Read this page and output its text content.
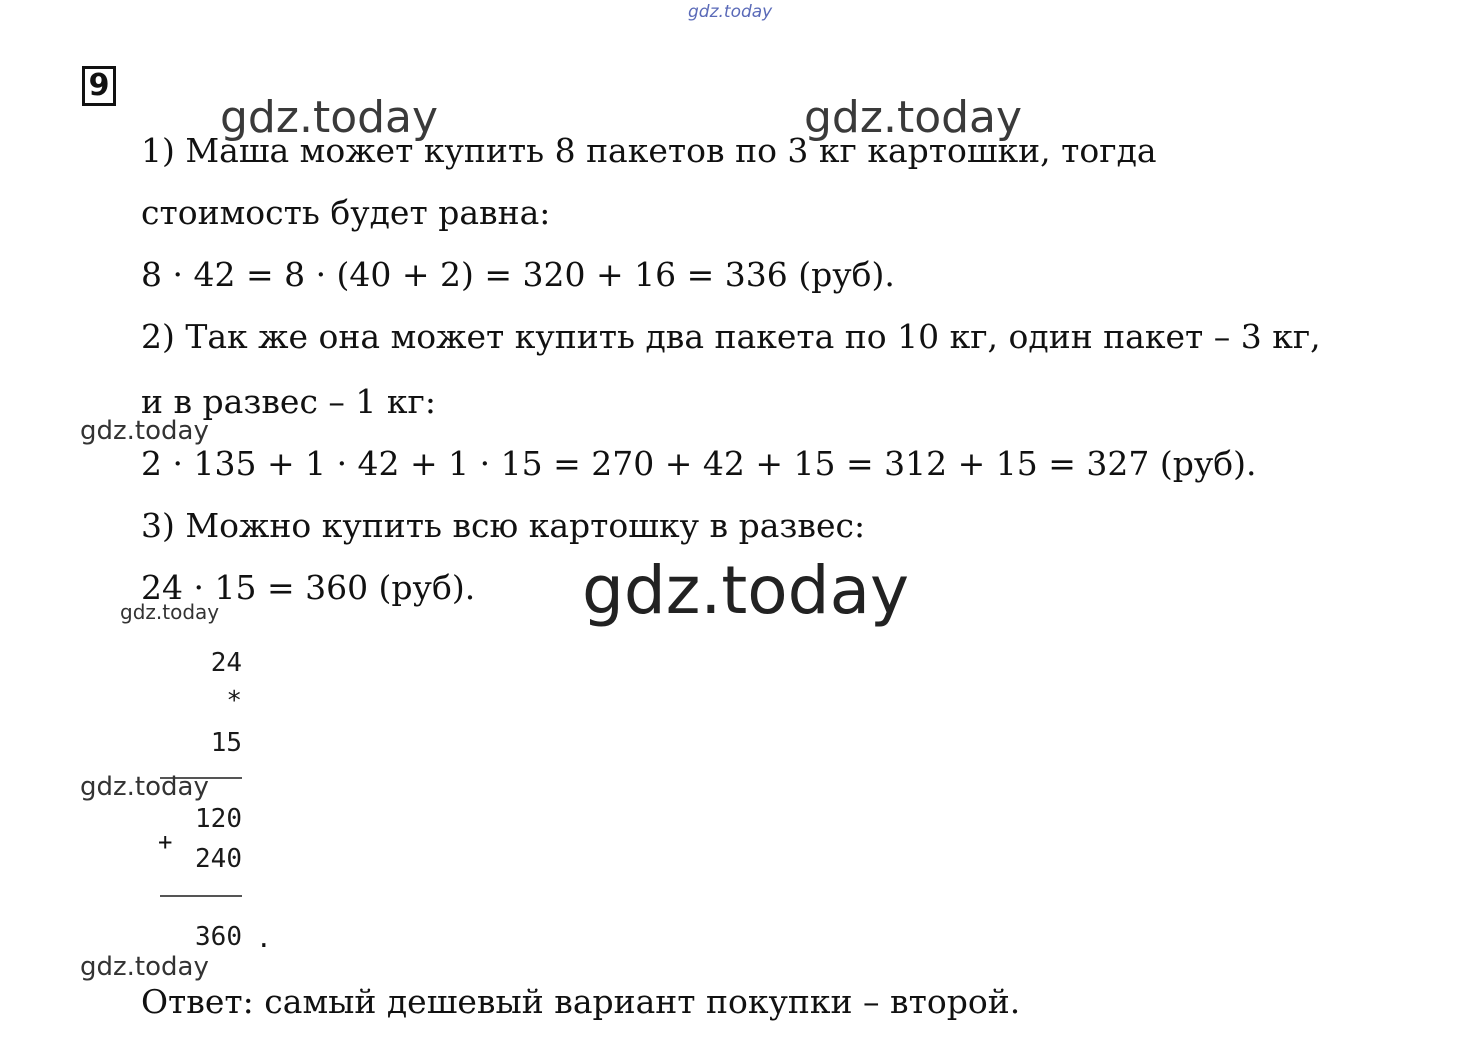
gdz.today
gdz.today	gdz.today
9
1) Маша может купить 8 пакетов по 3 кг картошки, тогда
стоимость будет равна:
8 · 42 = 8 · (40 + 2) = 320 + 16 = 336 (руб).
2) Так же она может купить два пакета по 10 кг, один пакет – 3 кг,
и в развес – 1 кг:
gdz.today
2 · 135 + 1 · 42 + 1 · 15 = 270 + 42 + 15 = 312 + 15 = 327 (руб).
3) Можно купить всю картошку в развес:
24 · 15 = 360 (руб). gdz.today
gdz.today
24
*
15
gdz.today
120
+
240
360 .
gdz.today
Ответ: самый дешевый вариант покупки – второй.
